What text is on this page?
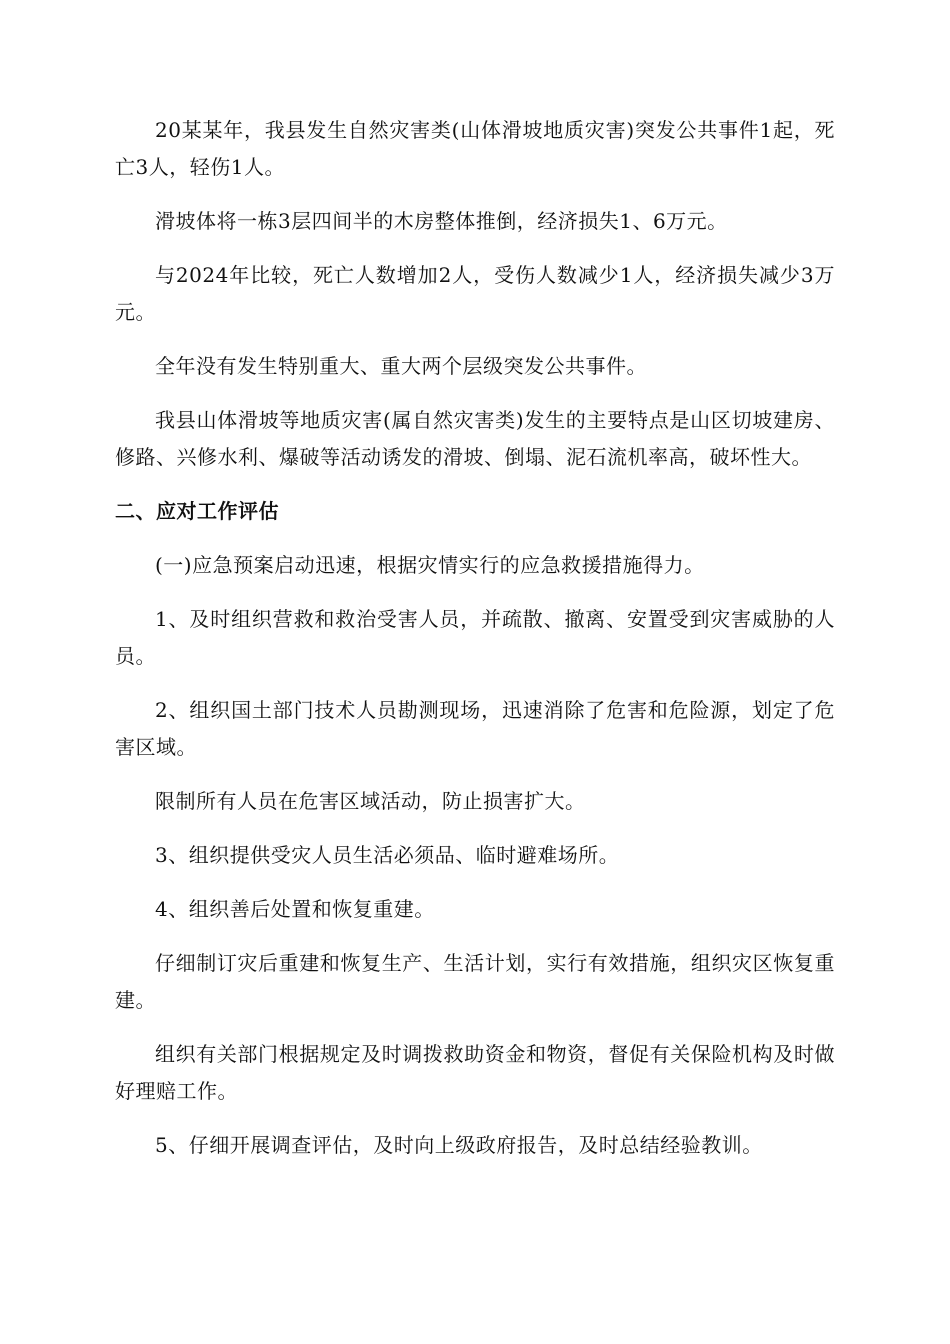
20某某年，我县发生自然灾害类(山体滑坡地质灾害)突发公共事件1起，死亡3人，轻伤1人。

滑坡体将一栋3层四间半的木房整体推倒，经济损失1、6万元。

与2024年比较，死亡人数增加2人，受伤人数减少1人，经济损失减少3万元。

全年没有发生特别重大、重大两个层级突发公共事件。

我县山体滑坡等地质灾害(属自然灾害类)发生的主要特点是山区切坡建房、修路、兴修水利、爆破等活动诱发的滑坡、倒塌、泥石流机率高，破坏性大。

二、应对工作评估

(一)应急预案启动迅速，根据灾情实行的应急救援措施得力。

1、及时组织营救和救治受害人员，并疏散、撤离、安置受到灾害威胁的人员。

2、组织国土部门技术人员勘测现场，迅速消除了危害和危险源，划定了危害区域。

限制所有人员在危害区域活动，防止损害扩大。

3、组织提供受灾人员生活必须品、临时避难场所。

4、组织善后处置和恢复重建。

仔细制订灾后重建和恢复生产、生活计划，实行有效措施，组织灾区恢复重建。

组织有关部门根据规定及时调拨救助资金和物资，督促有关保险机构及时做好理赔工作。

5、仔细开展调查评估，及时向上级政府报告，及时总结经验教训。
